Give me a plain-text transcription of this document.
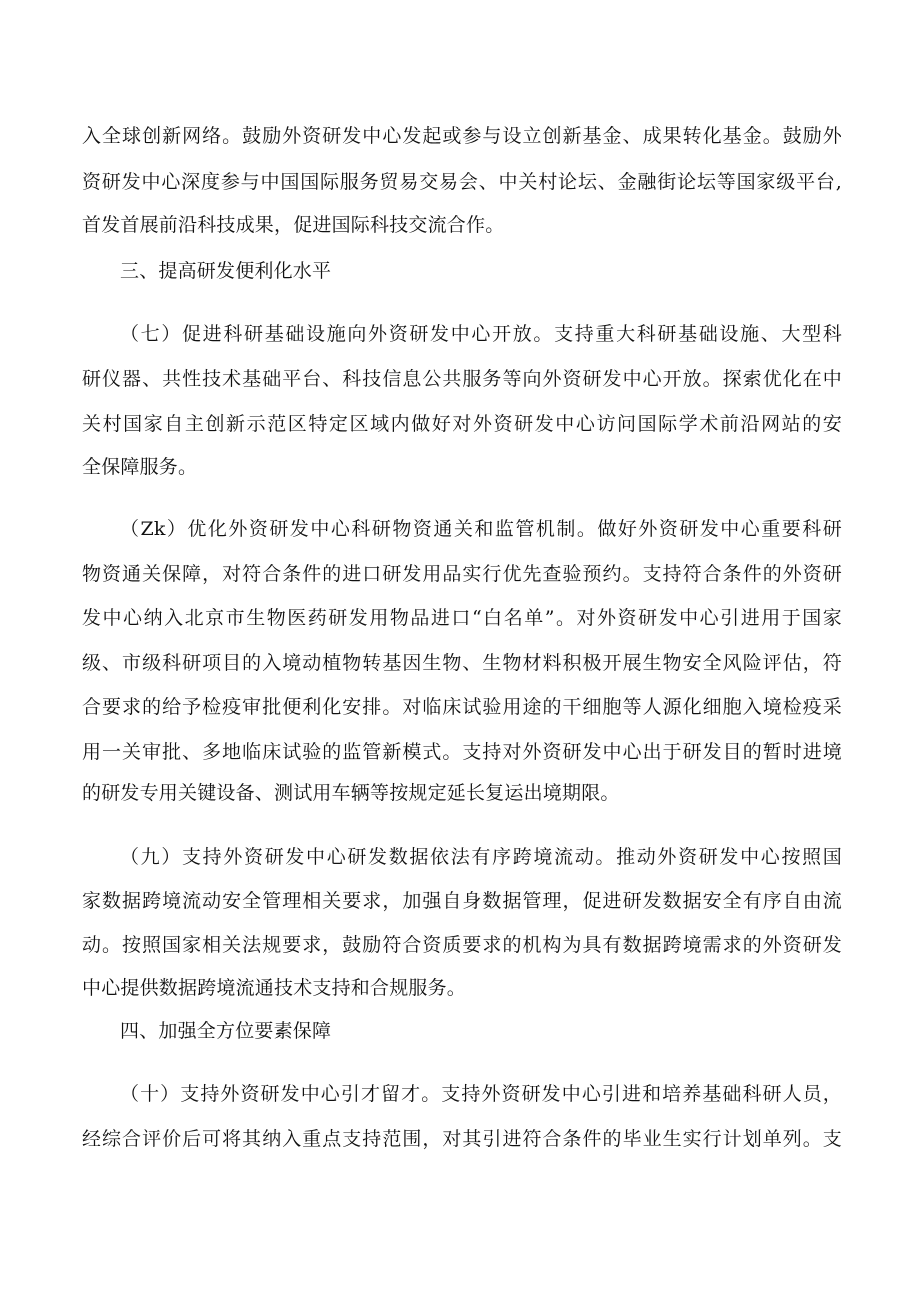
入全球创新网络。鼓励外资研发中心发起或参与设立创新基金、成果转化基金。鼓励外
资研发中心深度参与中国国际服务贸易交易会、中关村论坛、金融街论坛等国家级平台,
首发首展前沿科技成果，促进国际科技交流合作。
三、提高研发便利化水平
（七）促进科研基础设施向外资研发中心开放。支持重大科研基础设施、大型科
研仪器、共性技术基础平台、科技信息公共服务等向外资研发中心开放。探索优化在中
关村国家自主创新示范区特定区域内做好对外资研发中心访问国际学术前沿网站的安
全保障服务。
（Zk）优化外资研发中心科研物资通关和监管机制。做好外资研发中心重要科研
物资通关保障，对符合条件的进口研发用品实行优先查验预约。支持符合条件的外资研
发中心纳入北京市生物医药研发用物品进口“白名单”。对外资研发中心引进用于国家
级、市级科研项目的入境动植物转基因生物、生物材料积极开展生物安全风险评估，符
合要求的给予检疫审批便利化安排。对临床试验用途的干细胞等人源化细胞入境检疫采
用一关审批、多地临床试验的监管新模式。支持对外资研发中心出于研发目的暂时进境
的研发专用关键设备、测试用车辆等按规定延长复运出境期限。
（九）支持外资研发中心研发数据依法有序跨境流动。推动外资研发中心按照国
家数据跨境流动安全管理相关要求，加强自身数据管理，促进研发数据安全有序自由流
动。按照国家相关法规要求，鼓励符合资质要求的机构为具有数据跨境需求的外资研发
中心提供数据跨境流通技术支持和合规服务。
四、加强全方位要素保障
（十）支持外资研发中心引才留才。支持外资研发中心引进和培养基础科研人员，
经综合评价后可将其纳入重点支持范围，对其引进符合条件的毕业生实行计划单列。支
